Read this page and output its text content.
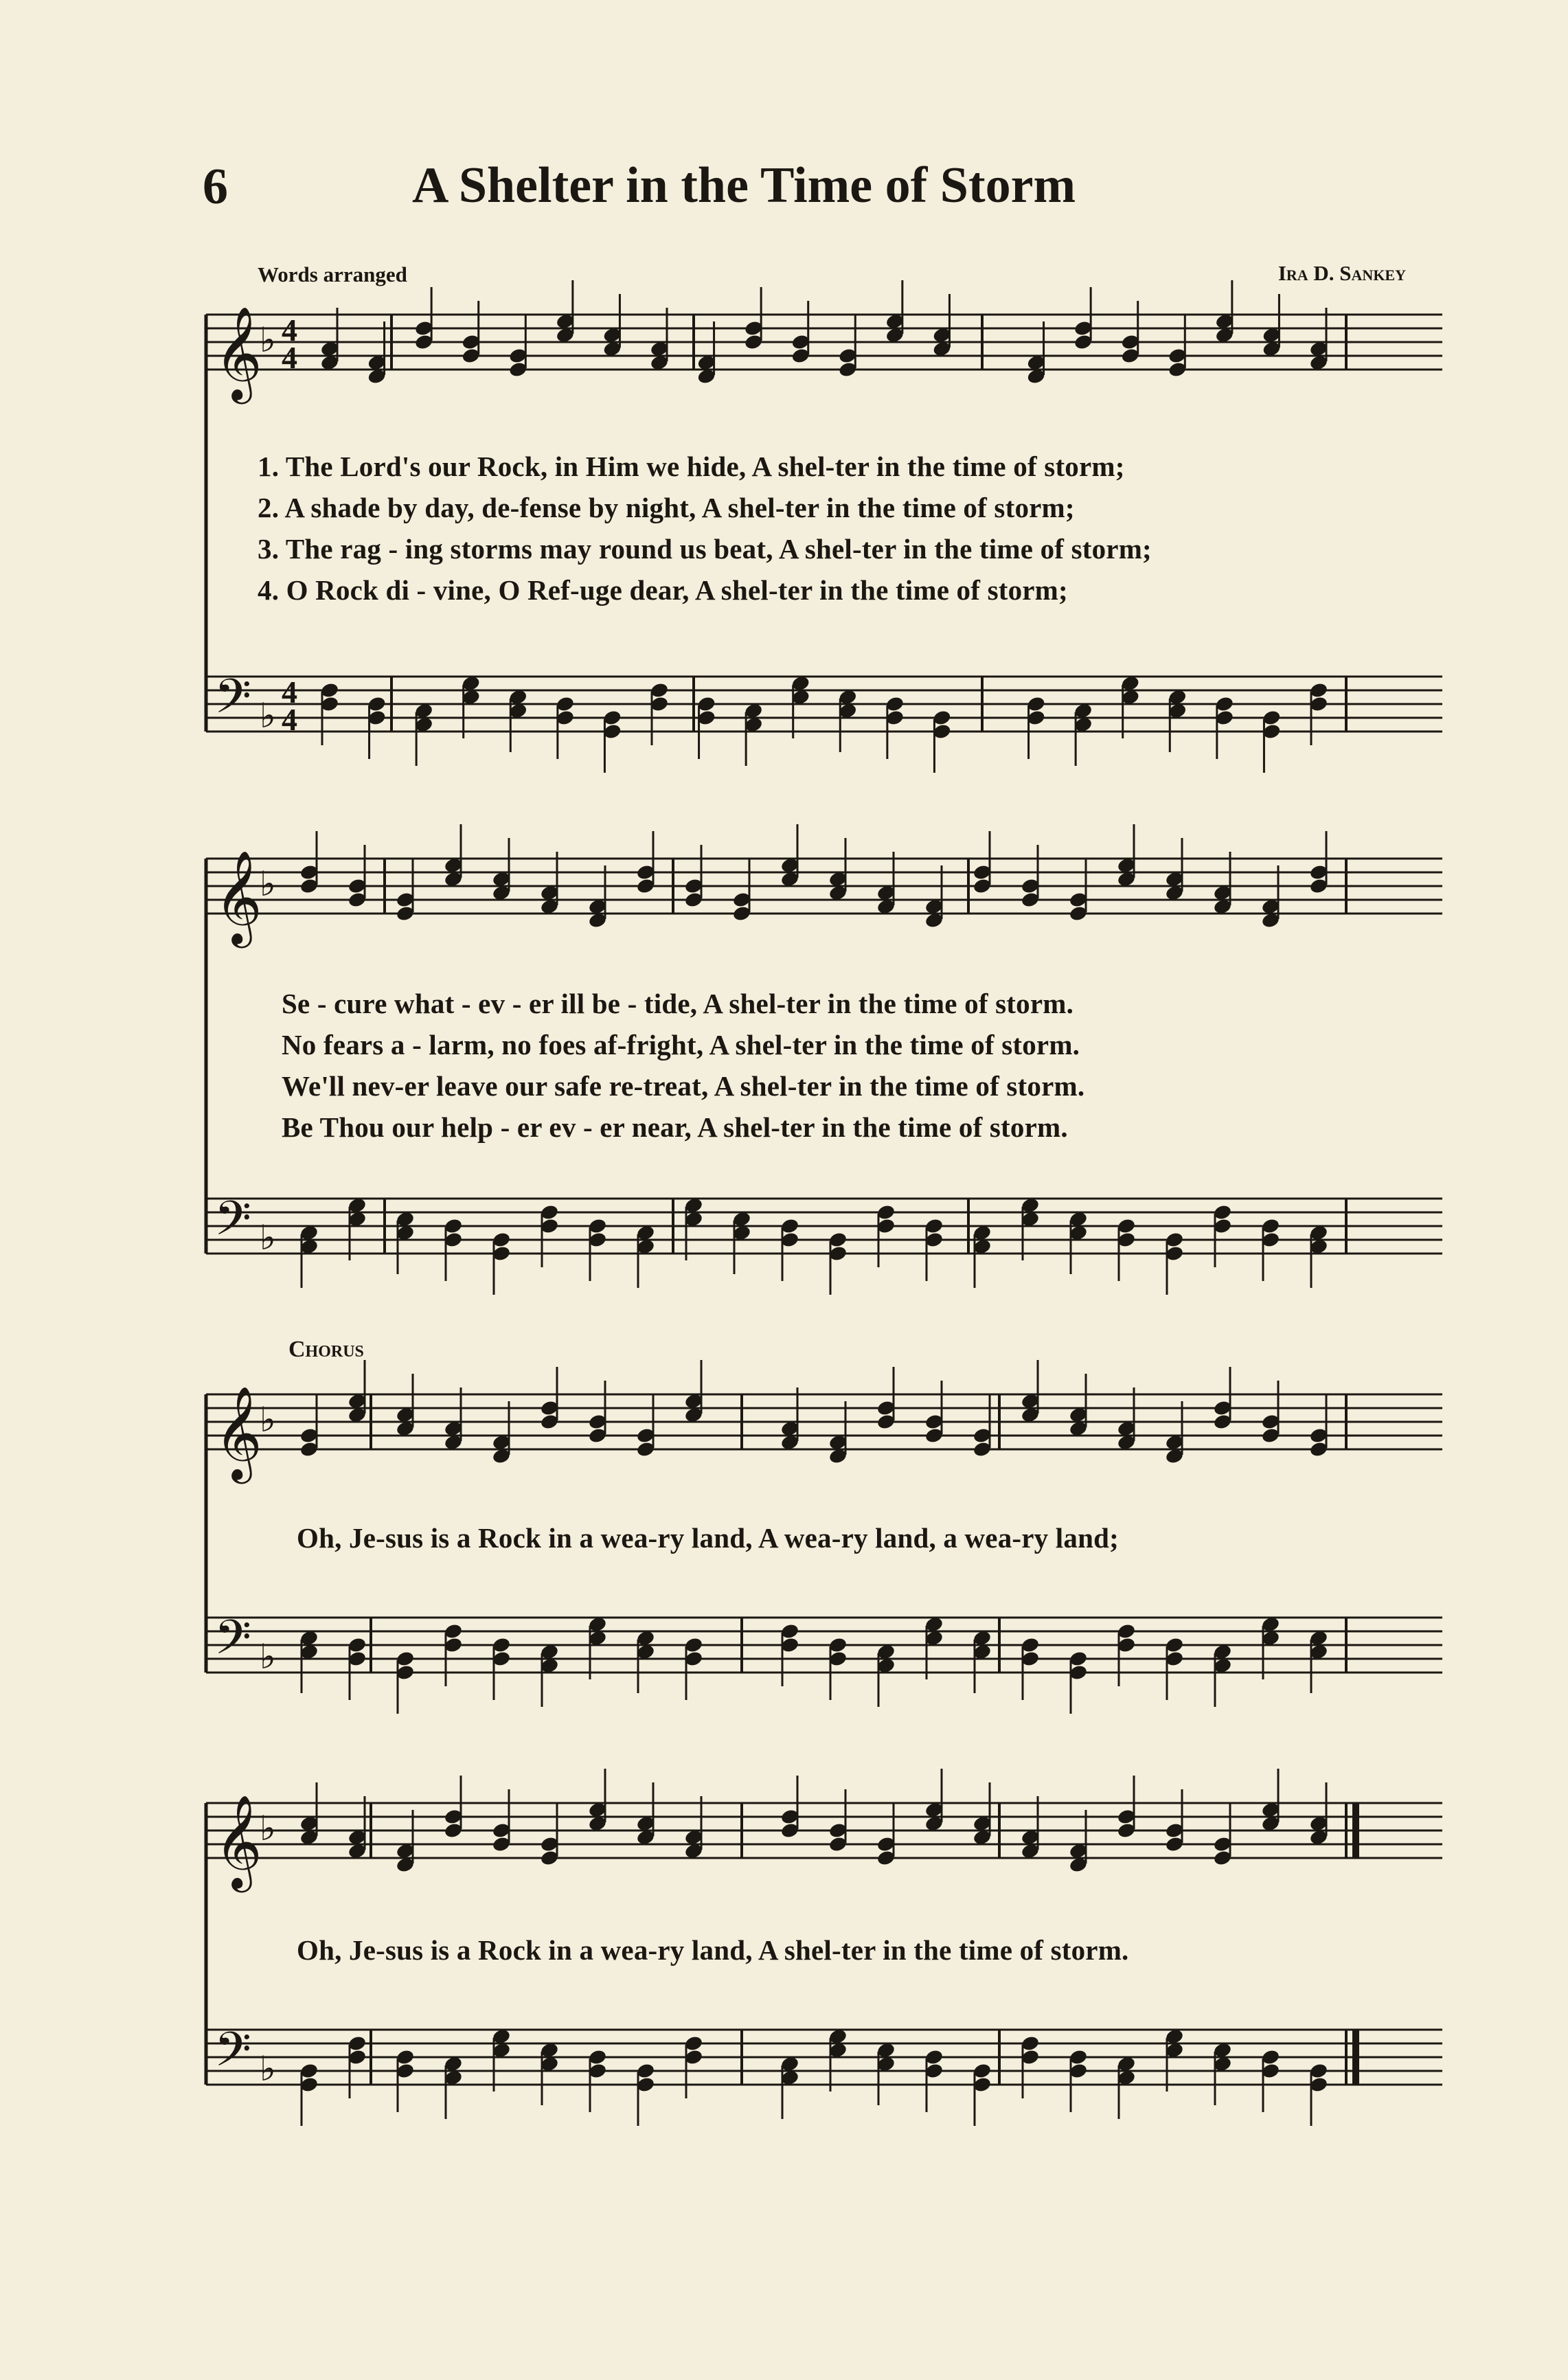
6	A Shelter in the Time of Storm
Words arranged	Ira D. Sankey
𝄞
𝄢
♭
♭
4
4
4
4
𝄞
𝄢
♭
♭
𝄞
𝄢
♭
♭
𝄞
𝄢
♭
♭
1. The Lord's our Rock, in Him we hide, A shel-ter in the time of storm;
2. A shade by day, de-fense by night, A shel-ter in the time of storm;
3. The rag - ing storms may round us beat, A shel-ter in the time of storm;
4. O Rock di - vine, O Ref-uge dear, A shel-ter in the time of storm;
Se - cure what - ev - er ill be - tide, A shel-ter in the time of storm.
No fears a - larm, no foes af-fright, A shel-ter in the time of storm.
We'll nev-er leave our safe re-treat, A shel-ter in the time of storm.
Be Thou our help - er ev - er near, A shel-ter in the time of storm.
Chorus
Oh, Je-sus is a Rock in a wea-ry land, A wea-ry land, a wea-ry land;
Oh, Je-sus is a Rock in a wea-ry land, A shel-ter in the time of storm.
